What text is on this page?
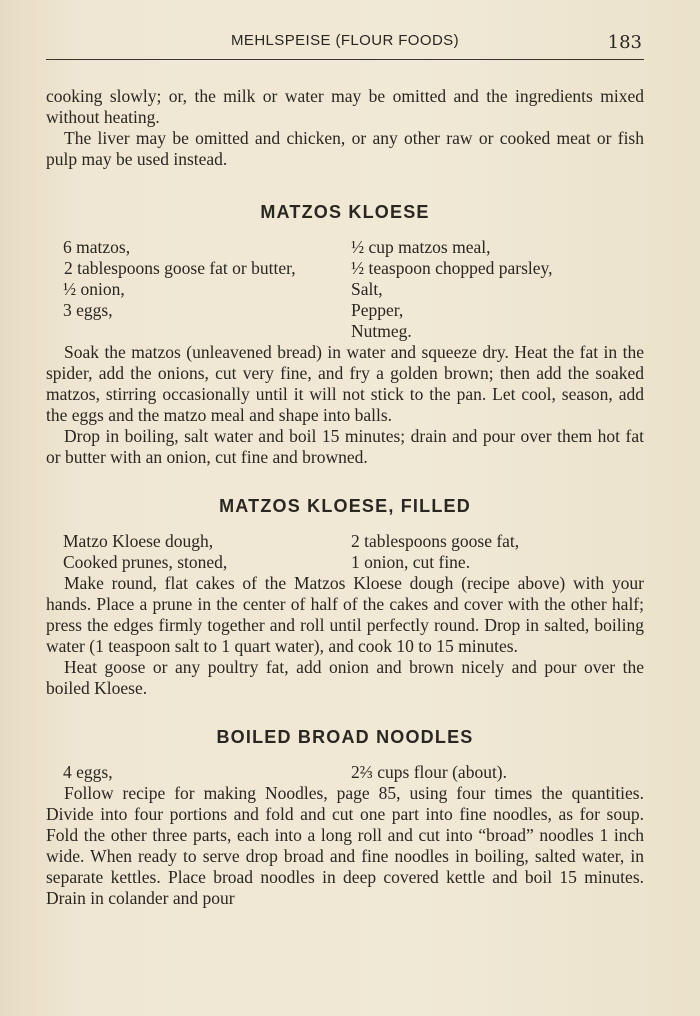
MEHLSPEISE (FLOUR FOODS)	183

cooking slowly; or, the milk or water may be omitted and the ingredients mixed without heating.

The liver may be omitted and chicken, or any other raw or cooked meat or fish pulp may be used instead.

MATZOS KLOESE

6 matzos,

2 tablespoons goose fat or butter,

½ onion,

3 eggs,

½ cup matzos meal,

½ teaspoon chopped parsley,

Salt,

Pepper,

Nutmeg.

Soak the matzos (unleavened bread) in water and squeeze dry. Heat the fat in the spider, add the onions, cut very fine, and fry a golden brown; then add the soaked matzos, stirring occasionally until it will not stick to the pan. Let cool, season, add the eggs and the matzo meal and shape into balls.

Drop in boiling, salt water and boil 15 minutes; drain and pour over them hot fat or butter with an onion, cut fine and browned.

MATZOS KLOESE, FILLED

Matzo Kloese dough,

Cooked prunes, stoned,

2 tablespoons goose fat,

1 onion, cut fine.

Make round, flat cakes of the Matzos Kloese dough (recipe above) with your hands. Place a prune in the center of half of the cakes and cover with the other half; press the edges firmly together and roll until perfectly round. Drop in salted, boiling water (1 teaspoon salt to 1 quart water), and cook 10 to 15 minutes.

Heat goose or any poultry fat, add onion and brown nicely and pour over the boiled Kloese.

BOILED BROAD NOODLES

4 eggs,	2⅔ cups flour (about).

Follow recipe for making Noodles, page 85, using four times the quantities. Divide into four portions and fold and cut one part into fine noodles, as for soup. Fold the other three parts, each into a long roll and cut into “broad” noodles 1 inch wide. When ready to serve drop broad and fine noodles in boiling, salted water, in separate kettles. Place broad noodles in deep covered kettle and boil 15 minutes. Drain in colander and pour
